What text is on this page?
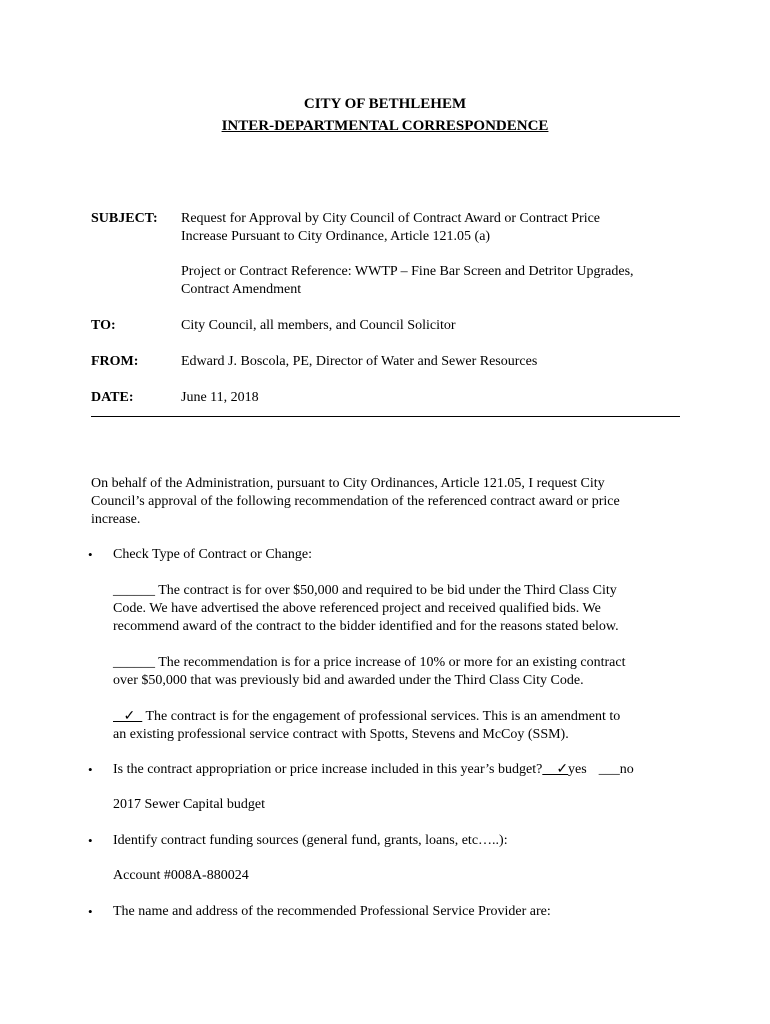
CITY OF BETHLEHEM
INTER-DEPARTMENTAL CORRESPONDENCE
SUBJECT: Request for Approval by City Council of Contract Award or Contract Price
Increase Pursuant to City Ordinance, Article 121.05 (a)
Project or Contract Reference: WWTP – Fine Bar Screen and Detritor Upgrades,
Contract Amendment
TO:	City Council, all members, and Council Solicitor
FROM:	Edward J. Boscola, PE, Director of Water and Sewer Resources
DATE:	June 11, 2018
On behalf of the Administration, pursuant to City Ordinances, Article 121.05, I request City
Council’s approval of the following recommendation of the referenced contract award or price
increase.
• Check Type of Contract or Change:
______ The contract is for over $50,000 and required to be bid under the Third Class City
Code. We have advertised the above referenced project and received qualified bids. We
recommend award of the contract to the bidder identified and for the reasons stated below.
______ The recommendation is for a price increase of 10% or more for an existing contract
over $50,000 that was previously bid and awarded under the Third Class City Code.
✓   The contract is for the engagement of professional services. This is an amendment to
an existing professional service contract with Spotts, Stevens and McCoy (SSM).
• Is the contract appropriation or price increase included in this year’s budget?    ✓yes ___no
2017 Sewer Capital budget
• Identify contract funding sources (general fund, grants, loans, etc…..):
Account #008A-880024
• The name and address of the recommended Professional Service Provider are:
